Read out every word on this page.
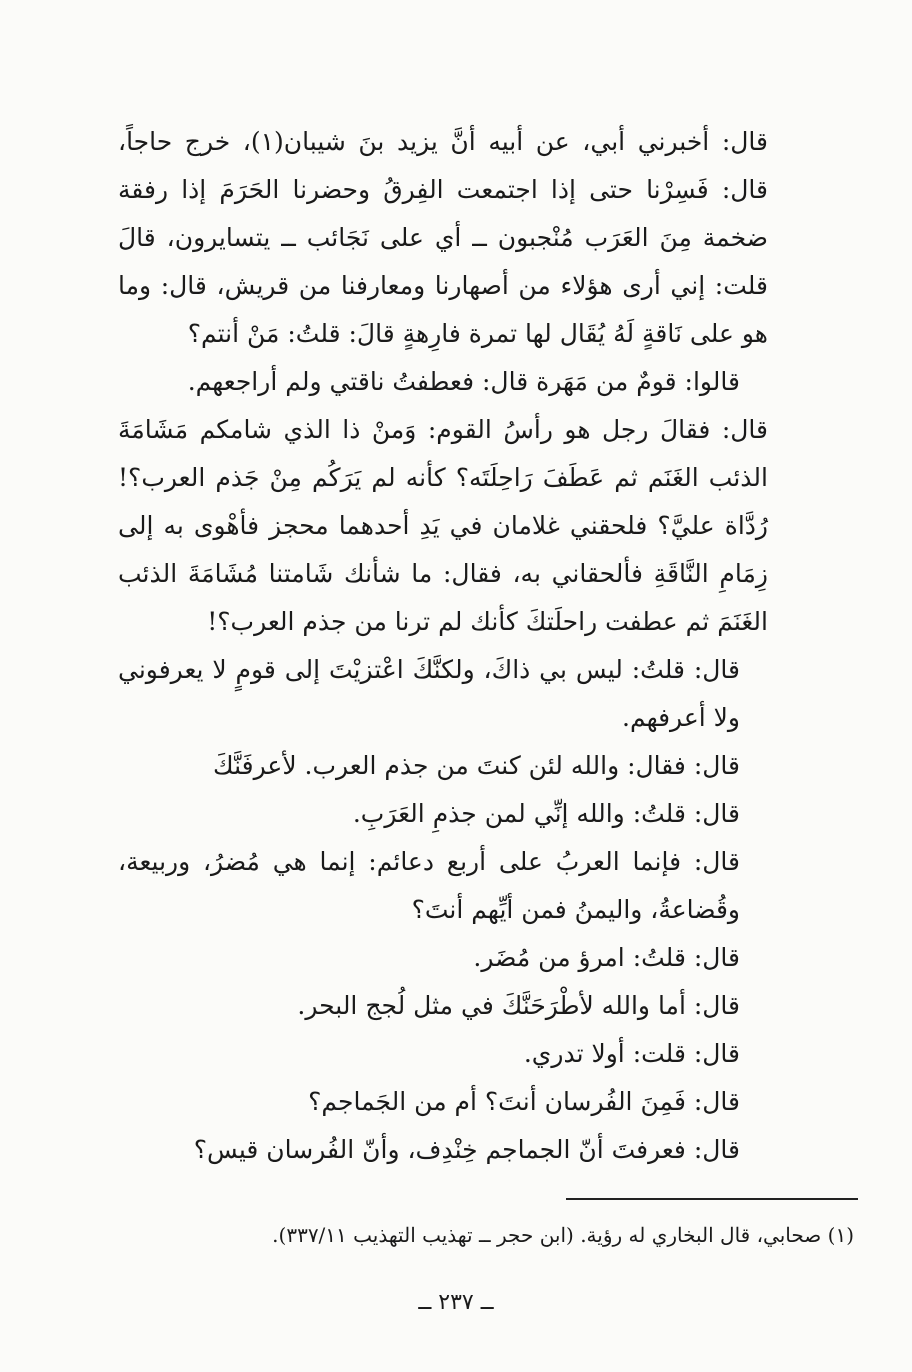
قال: أخبرني أبي، عن أبيه أنَّ يزيد بنَ شيبان(١)، خرج حاجاً، قال: فَسِرْنا حتى إذا اجتمعت الفِرقُ وحضرنا الحَرَمَ إذا رفقة ضخمة مِنَ العَرَب مُنْجبون ــ أي على نَجَائب ــ يتسايرون، قالَ قلت: إني أرى هؤلاء من أصهارنا ومعارفنا من قريش، قال: وما هو على نَاقةٍ لَهُ يُقَال لها تمرة فارِهةٍ قالَ: قلتُ: مَنْ أنتم؟

قالوا: قومٌ من مَهَرة قال: فعطفتُ ناقتي ولم أراجعهم.

قال: فقالَ رجل هو رأسُ القوم: وَمنْ ذا الذي شامكم مَشَامَةَ الذئب الغَنَم ثم عَطَفَ رَاحِلَتَه؟ كأنه لم يَرَكُم مِنْ جَذم العرب؟! رُدَّاة عليَّ؟ فلحقني غلامان في يَدِ أحدهما محجز فأهْوى به إلى زِمَامِ النَّاقَةِ فألحقاني به، فقال: ما شأنك شَامتنا مُشَامَةَ الذئب الغَنَمَ ثم عطفت راحلَتكَ كأنك لم ترنا من جذم العرب؟!

قال: قلتُ: ليس بي ذاكَ، ولكنَّكَ اعْتزيْتَ إلى قومٍ لا يعرفوني ولا أعرفهم.

قال: فقال: والله لئن كنتَ من جذم العرب. لأعرفَنَّكَ

قال: قلتُ: والله إنِّي لمن جذمِ العَرَبِ.

قال: فإنما العربُ على أربع دعائم: إنما هي مُضرُ، وربيعة، وقُضاعةُ، واليمنُ فمن أيِّهم أنتَ؟

قال: قلتُ: امرؤ من مُضَر.

قال: أما والله لأطْرَحَنَّكَ في مثل لُجج البحر.

قال: قلت: أولا تدري.

قال: فَمِنَ الفُرسان أنتَ؟ أم من الجَماجم؟

قال: فعرفتَ أنّ الجماجم خِنْدِف، وأنّ الفُرسان قيس؟

(١) صحابي، قال البخاري له رؤية. (ابن حجر ــ تهذيب التهذيب ٣٣٧/١١).
ــ ٢٣٧ ــ
